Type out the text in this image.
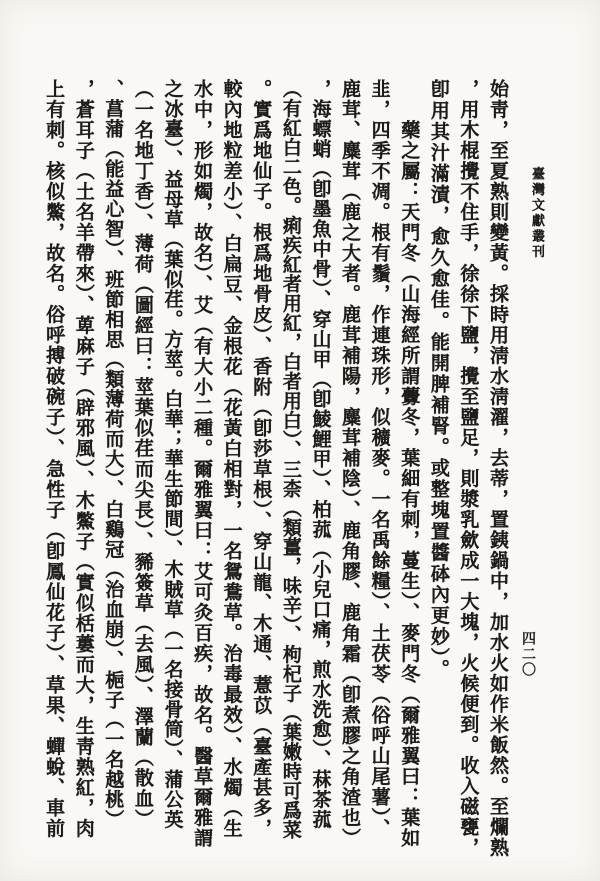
臺灣文獻叢刊
四二〇
始靑，至夏熟則變黃。採時用淸水淸濯，去蒂，置銕鍋中，加水火如作米飯然。至爛熟
，用木棍攪不住手，徐徐下鹽，攪至鹽足，則漿乳歛成一大塊，火候便到。收入磁甕，
卽用其汁滿漬，愈久愈佳。能開脾補腎。或整塊置醬砵內更妙）。
　　藥之屬：天門冬（山海經所謂虋冬，葉細有刺，蔓生）、麥門冬（爾雅翼曰：葉如
韭，四季不凋。根有鬚，作連珠形，似穬麥。一名禹餘糧）、土茯苓（俗呼山尾薯）、
鹿茸、麋茸（鹿之大者。鹿茸補陽，麋茸補陰）、鹿角膠、鹿角霜（卽煮膠之角渣也）
，海螵蛸（卽墨魚中骨）、穿山甲（卽鯪鯉甲）、柏菰（小兒口痛，煎水洗愈）、菻茶菰
（有紅白二色。痢疾紅者用紅，白者用白）、三柰（類薑，味辛）、枸杞子（葉嫩時可爲菜
。實爲地仙子。根爲地骨皮）、香附（卽莎草根）、穿山龍、木通、薏苡（臺產甚多，
較內地粒差小）、白扁豆、金根花（花黃白相對，一名鴛鴦草。治毒最效）、水燭（生
水中，形如燭，故名）、艾（有大小二種。爾雅翼曰：艾可灸百疾，故名。醫草爾雅謂
之冰臺）、益母草（葉似荏。方莖。白華；華生節間）、木賊草（一名接骨筒）、蒲公英
（一名地丁香）、薄荷（圖經曰：莖葉似荏而尖長）、豨簽草（去風）、澤蘭（散血）
、菖蒲（能益心智）、班節相思（類薄荷而大）、白鷄冠（治血崩）、梔子（一名越桃）
，蒼耳子（土名羊帶來）、萆麻子（辟邪風）、木鱉子（實似栝蔞而大，生靑熟紅，肉
上有刺。核似鱉，故名。俗呼搏破碗子）、急性子（卽鳳仙花子）、草果、蟬蛻、車前
